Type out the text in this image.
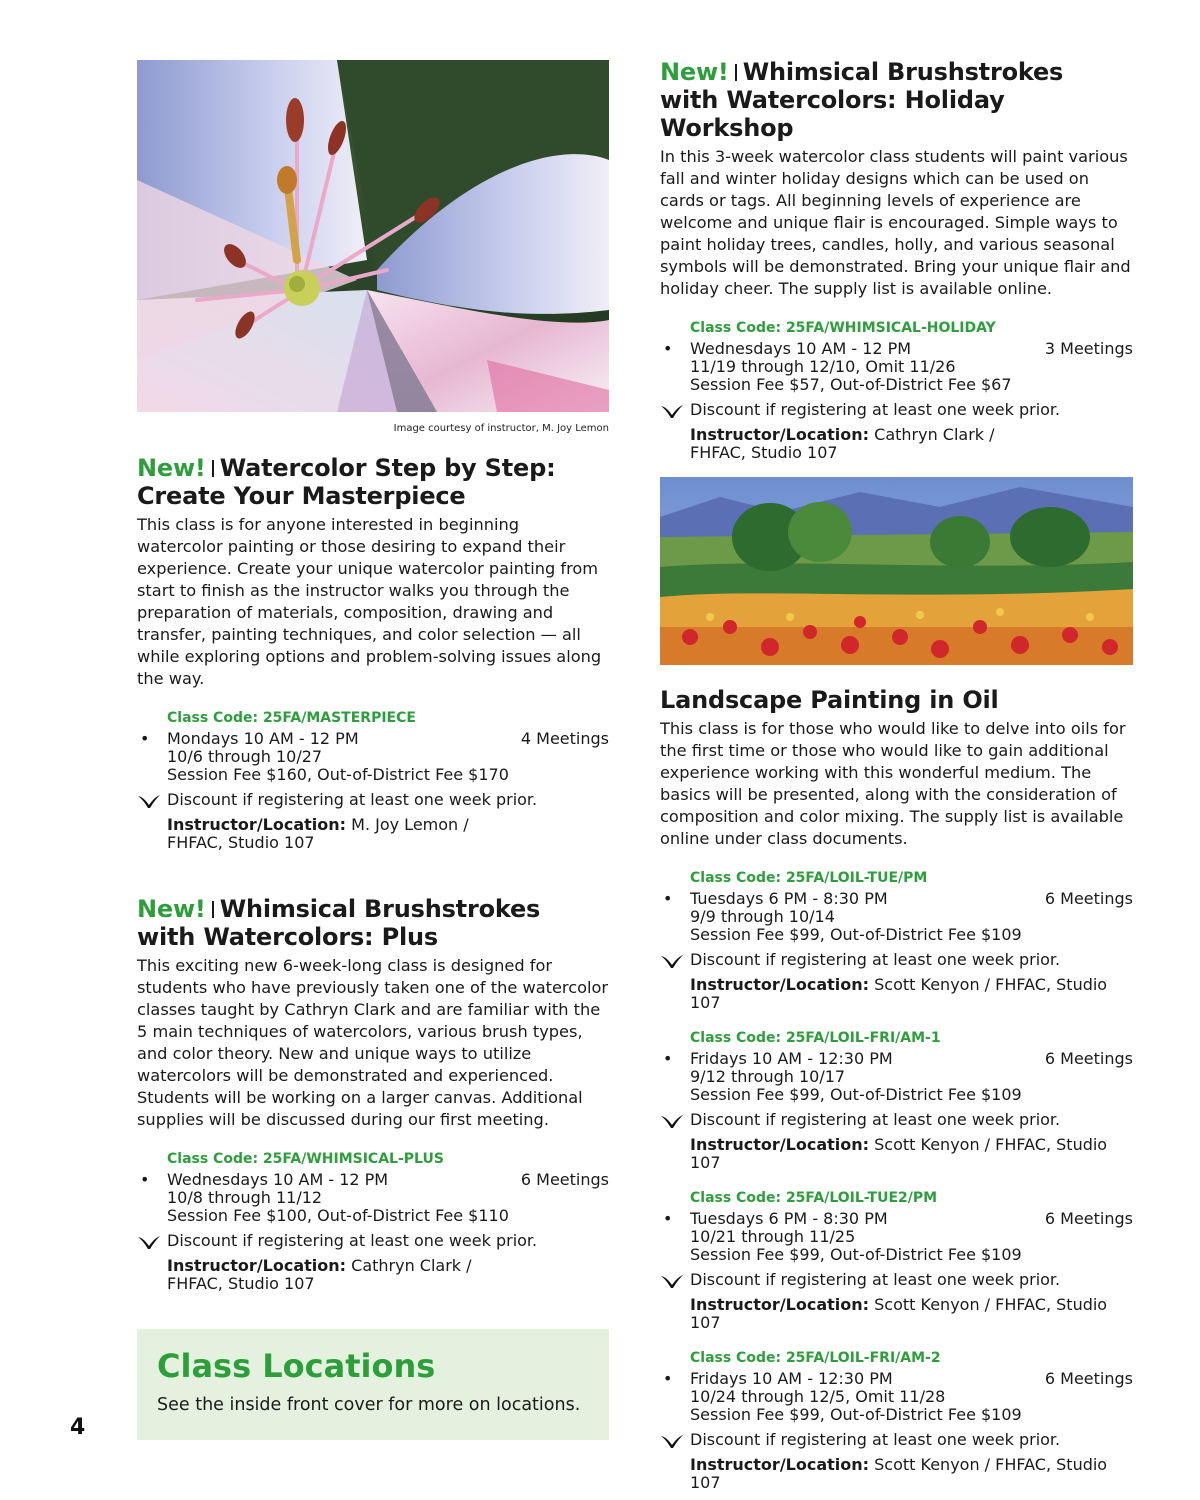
Image courtesy of instructor, M. Joy Lemon
New! Watercolor Step by Step:
Create Your Masterpiece

This class is for anyone interested in beginning watercolor painting or those desiring to expand their experience. Create your unique watercolor painting from start to finish as the instructor walks you through the preparation of materials, composition, drawing and transfer, painting techniques, and color selection — all while exploring options and problem-solving issues along the way.

Class Code: 25FA/MASTERPIECE
• Mondays 10 AM - 12 PM	4 Meetings
10/6 through 10/27
Session Fee $160, Out-of-District Fee $170
Discount if registering at least one week prior.
Instructor/Location: M. Joy Lemon /
FHFAC, Studio 107
New! Whimsical Brushstrokes
with Watercolors: Plus

This exciting new 6-week-long class is designed for students who have previously taken one of the watercolor classes taught by Cathryn Clark and are familiar with the 5 main techniques of watercolors, various brush types, and color theory. New and unique ways to utilize watercolors will be demonstrated and experienced. Students will be working on a larger canvas. Additional supplies will be discussed during our first meeting.

Class Code: 25FA/WHIMSICAL-PLUS
• Wednesdays 10 AM - 12 PM	6 Meetings
10/8 through 11/12
Session Fee $100, Out-of-District Fee $110
Discount if registering at least one week prior.
Instructor/Location: Cathryn Clark /
FHFAC, Studio 107
Class Locations

See the inside front cover for more on locations.

4
New! Whimsical Brushstrokes
with Watercolors: Holiday Workshop

In this 3-week watercolor class students will paint various fall and winter holiday designs which can be used on cards or tags. All beginning levels of experience are welcome and unique flair is encouraged. Simple ways to paint holiday trees, candles, holly, and various seasonal symbols will be demonstrated. Bring your unique flair and holiday cheer. The supply list is available online.

Class Code: 25FA/WHIMSICAL-HOLIDAY
• Wednesdays 10 AM - 12 PM	3 Meetings
11/19 through 12/10, Omit 11/26
Session Fee $57, Out-of-District Fee $67
Discount if registering at least one week prior.
Instructor/Location: Cathryn Clark /
FHFAC, Studio 107
Landscape Painting in Oil

This class is for those who would like to delve into oils for the first time or those who would like to gain additional experience working with this wonderful medium. The basics will be presented, along with the consideration of composition and color mixing. The supply list is available online under class documents.

Class Code: 25FA/LOIL-TUE/PM
• Tuesdays 6 PM - 8:30 PM	6 Meetings
9/9 through 10/14
Session Fee $99, Out-of-District Fee $109
Discount if registering at least one week prior.
Instructor/Location: Scott Kenyon / FHFAC, Studio 107
Class Code: 25FA/LOIL-FRI/AM-1
• Fridays 10 AM - 12:30 PM	6 Meetings
9/12 through 10/17
Session Fee $99, Out-of-District Fee $109
Discount if registering at least one week prior.
Instructor/Location: Scott Kenyon / FHFAC, Studio 107
Class Code: 25FA/LOIL-TUE2/PM
• Tuesdays 6 PM - 8:30 PM	6 Meetings
10/21 through 11/25
Session Fee $99, Out-of-District Fee $109
Discount if registering at least one week prior.
Instructor/Location: Scott Kenyon / FHFAC, Studio 107
Class Code: 25FA/LOIL-FRI/AM-2
• Fridays 10 AM - 12:30 PM	6 Meetings
10/24 through 12/5, Omit 11/28
Session Fee $99, Out-of-District Fee $109
Discount if registering at least one week prior.
Instructor/Location: Scott Kenyon / FHFAC, Studio 107
